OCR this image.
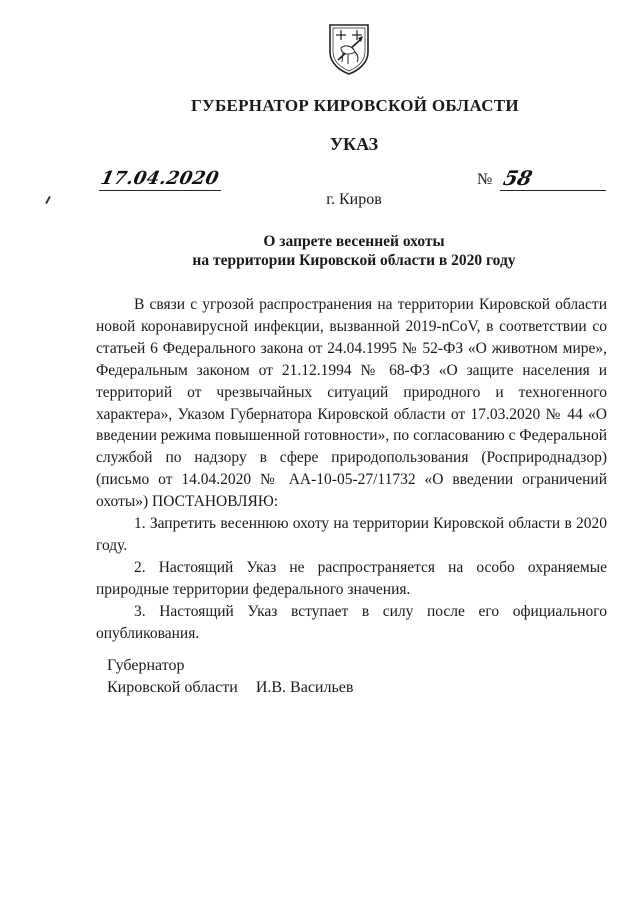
ГУБЕРНАТОР КИРОВСКОЙ ОБЛАСТИ
УКАЗ
17.04.2020	№ 58
г. Киров
О запрете весенней охоты
на территории Кировской области в 2020 году

В связи с угрозой распространения на территории Кировской области новой коронавирусной инфекции, вызванной 2019-nCoV, в соответствии со статьей 6 Федерального закона от 24.04.1995 № 52-ФЗ «О животном мире», Федеральным законом от 21.12.1994 № 68-ФЗ «О защите населения и территорий от чрезвычайных ситуаций природного и техногенного характера», Указом Губернатора Кировской области от 17.03.2020 № 44 «О введении режима повышенной готовности», по согласованию с Федеральной службой по надзору в сфере природопользования (Росприроднадзор) (письмо от 14.04.2020 № АА-10-05-27/11732 «О введении ограничений охоты») ПОСТАНОВЛЯЮ:

1. Запретить весеннюю охоту на территории Кировской области в 2020 году.

2. Настоящий Указ не распространяется на особо охраняемые природные территории федерального значения.

3. Настоящий Указ вступает в силу после его официального опубликования.

Губернатор
Кировской области И.В. Васильев
